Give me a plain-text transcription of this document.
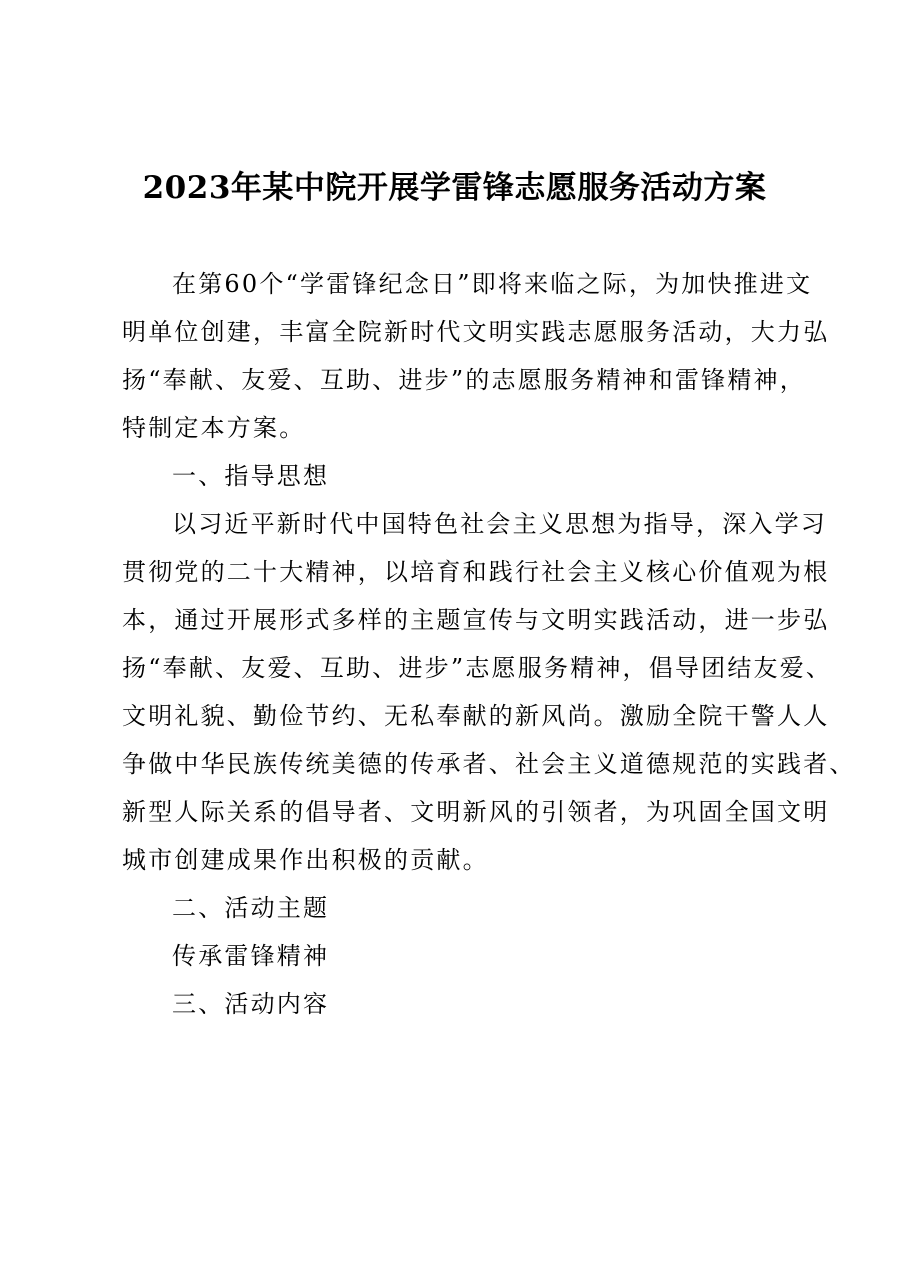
2023年某中院开展学雷锋志愿服务活动方案
在第60个“学雷锋纪念日”即将来临之际，为加快推进文
明单位创建，丰富全院新时代文明实践志愿服务活动，大力弘
扬“奉献、友爱、互助、进步”的志愿服务精神和雷锋精神，
特制定本方案。
一、指导思想
以习近平新时代中国特色社会主义思想为指导，深入学习
贯彻党的二十大精神，以培育和践行社会主义核心价值观为根
本，通过开展形式多样的主题宣传与文明实践活动，进一步弘
扬“奉献、友爱、互助、进步”志愿服务精神，倡导团结友爱、
文明礼貌、勤俭节约、无私奉献的新风尚。激励全院干警人人
争做中华民族传统美德的传承者、社会主义道德规范的实践者、
新型人际关系的倡导者、文明新风的引领者，为巩固全国文明
城市创建成果作出积极的贡献。
二、活动主题
传承雷锋精神
三、活动内容
